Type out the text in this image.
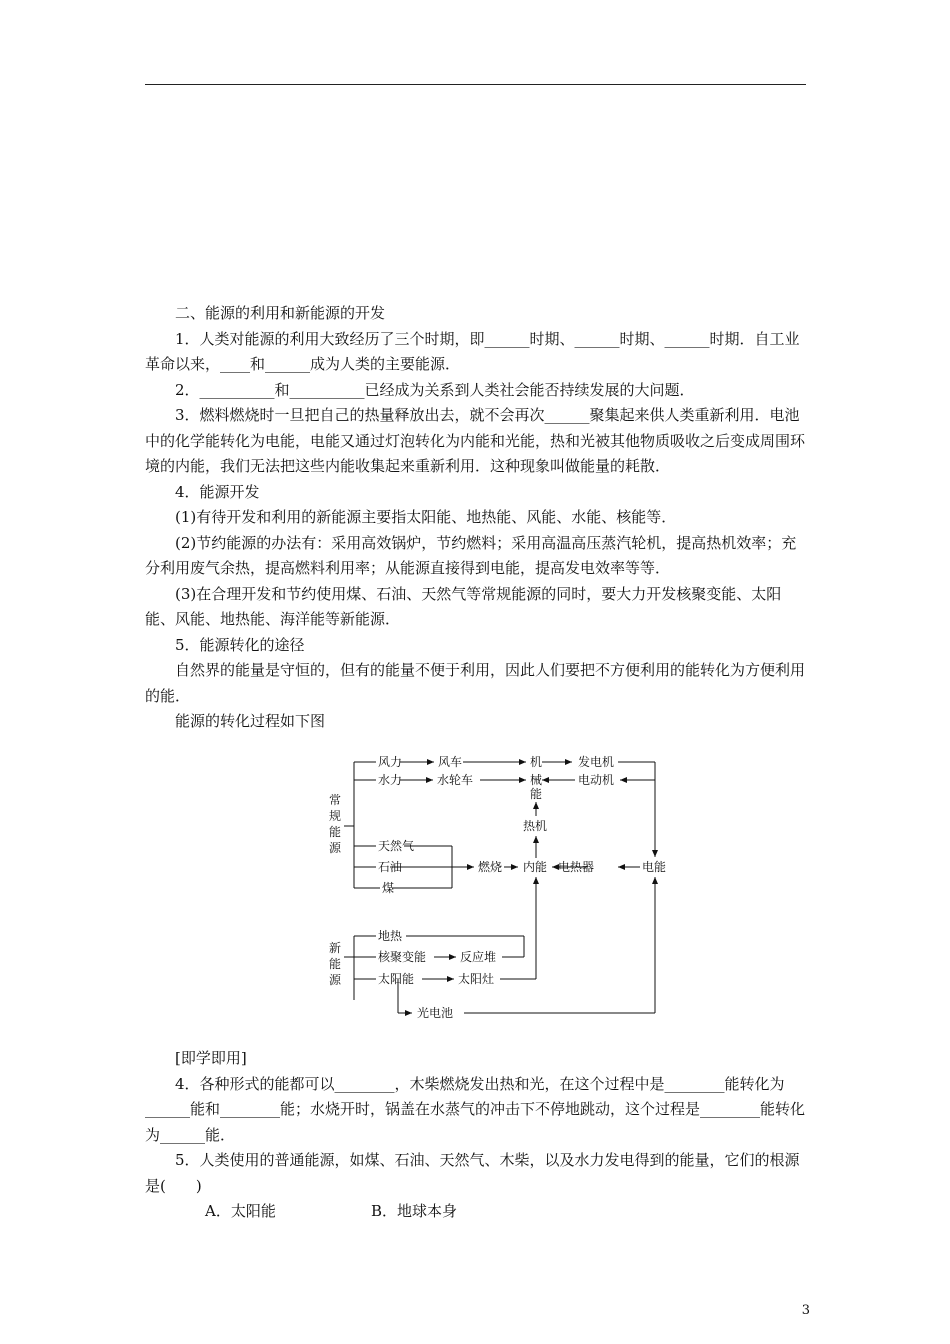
二、能源的利用和新能源的开发

1．人类对能源的利用大致经历了三个时期，即______时期、______时期、______时期．自工业革命以来，____和______成为人类的主要能源．

2．__________和__________已经成为关系到人类社会能否持续发展的大问题．

3．燃料燃烧时一旦把自己的热量释放出去，就不会再次______聚集起来供人类重新利用．电池中的化学能转化为电能，电能又通过灯泡转化为内能和光能，热和光被其他物质吸收之后变成周围环境的内能，我们无法把这些内能收集起来重新利用．这种现象叫做能量的耗散．

4．能源开发

(1)有待开发和利用的新能源主要指太阳能、地热能、风能、水能、核能等．

(2)节约能源的办法有：采用高效锅炉，节约燃料；采用高温高压蒸汽轮机，提高热机效率；充分利用废气余热，提高燃料利用率；从能源直接得到电能，提高发电效率等等．

(3)在合理开发和节约使用煤、石油、天然气等常规能源的同时，要大力开发核聚变能、太阳能、风能、地热能、海洋能等新能源．

5．能源转化的途径

自然界的能量是守恒的，但有的能量不便于利用，因此人们要把不方便利用的能转化为方便利用的能．

能源的转化过程如下图

常
规
能
源
风力	风车	机	发电机
水力	水轮车	械	电动机
能
热机
天然气
石油
煤
燃烧 内能 电热器	电能
新
能
源
地热
核聚变能	反应堆
太阳能	太阳灶
光电池

[即学即用]

4．各种形式的能都可以________，木柴燃烧发出热和光，在这个过程中是________能转化为______能和________能；水烧开时，锅盖在水蒸气的冲击下不停地跳动，这个过程是________能转化为______能．

5．人类使用的普通能源，如煤、石油、天然气、木柴，以及水力发电得到的能量，它们的根源是(　　)

A．太阳能	B．地球本身

3
